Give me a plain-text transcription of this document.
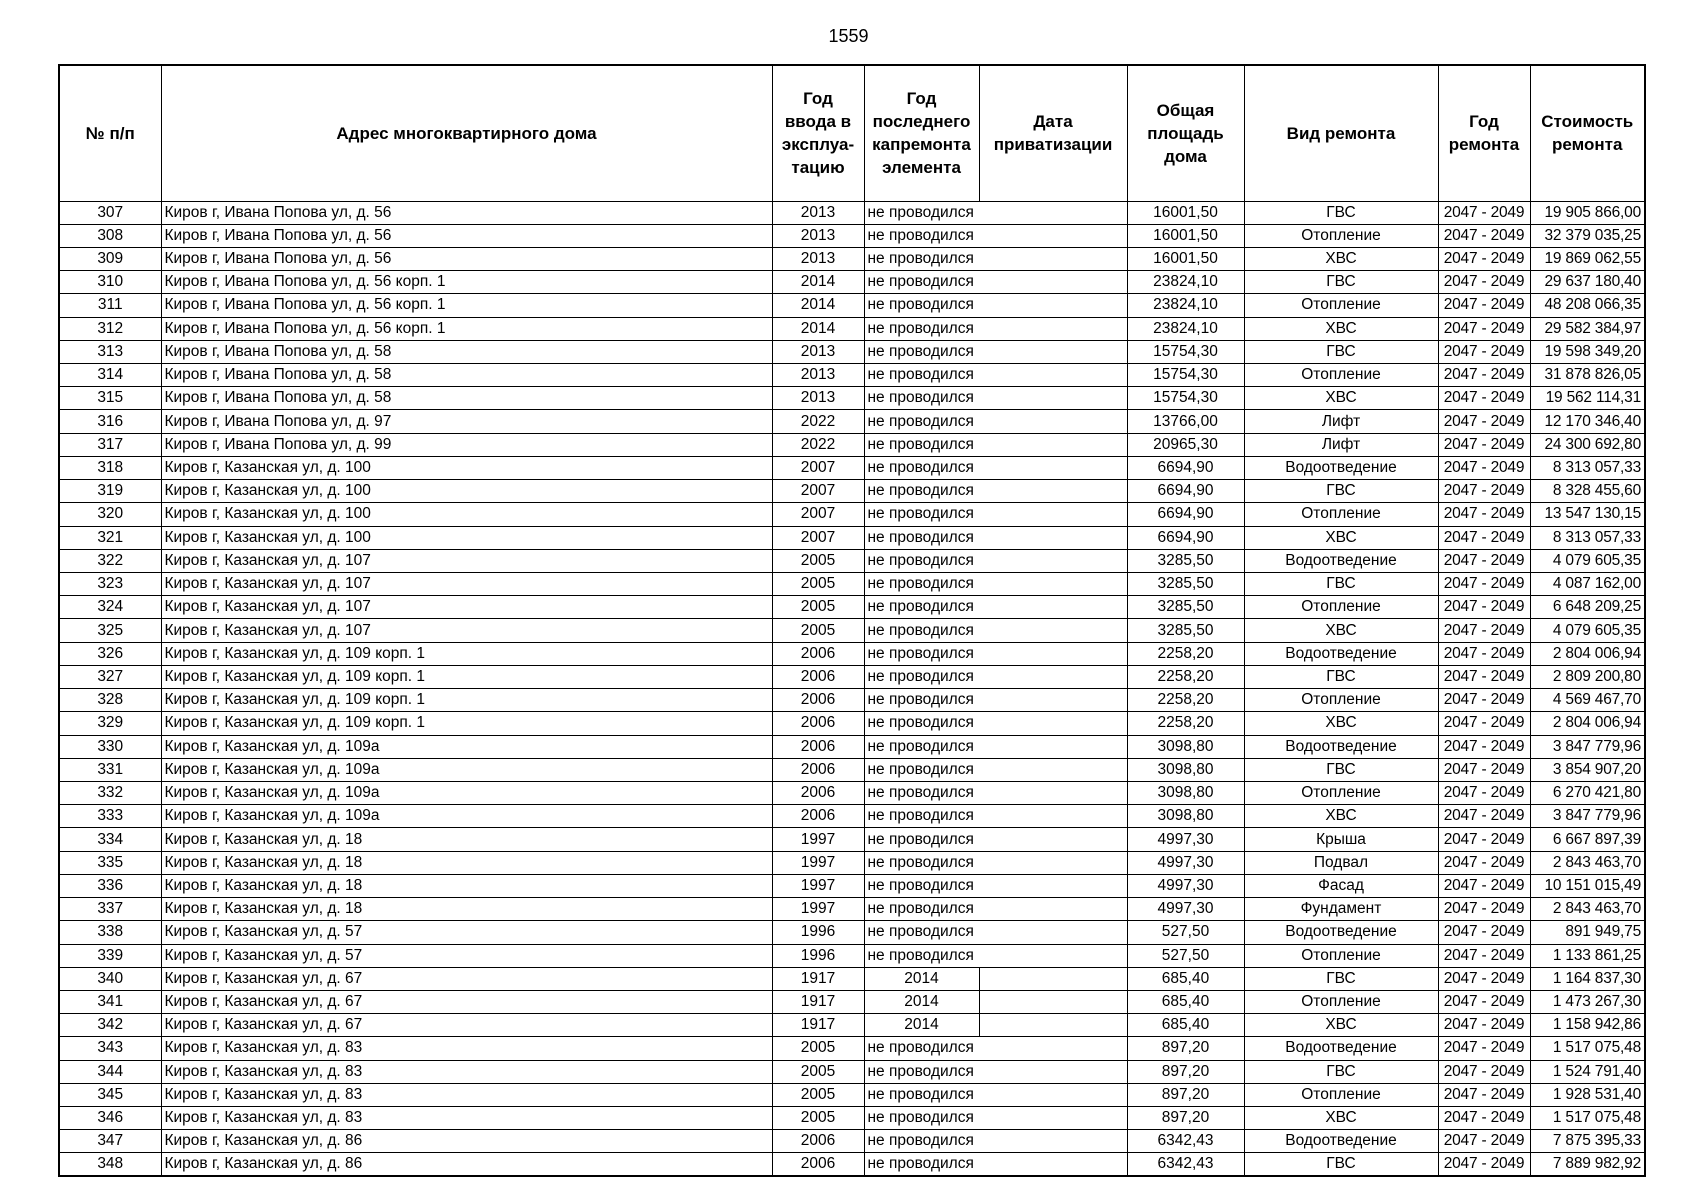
1559
№ п/п	Адрес многоквартирного дома	Год ввода в эксплуа-тацию	Год последнего капремонта элемента	Дата приватизации	Общая площадь дома	Вид ремонта	Год ремонта	Стоимость ремонта
307	Киров г, Ивана Попова ул, д. 56	2013	не проводился		16001,50	ГВС	2047 - 2049	19 905 866,00
308	Киров г, Ивана Попова ул, д. 56	2013	не проводился		16001,50	Отопление	2047 - 2049	32 379 035,25
309	Киров г, Ивана Попова ул, д. 56	2013	не проводился		16001,50	ХВС	2047 - 2049	19 869 062,55
310	Киров г, Ивана Попова ул, д. 56 корп. 1	2014	не проводился		23824,10	ГВС	2047 - 2049	29 637 180,40
311	Киров г, Ивана Попова ул, д. 56 корп. 1	2014	не проводился		23824,10	Отопление	2047 - 2049	48 208 066,35
312	Киров г, Ивана Попова ул, д. 56 корп. 1	2014	не проводился		23824,10	ХВС	2047 - 2049	29 582 384,97
313	Киров г, Ивана Попова ул, д. 58	2013	не проводился		15754,30	ГВС	2047 - 2049	19 598 349,20
314	Киров г, Ивана Попова ул, д. 58	2013	не проводился		15754,30	Отопление	2047 - 2049	31 878 826,05
315	Киров г, Ивана Попова ул, д. 58	2013	не проводился		15754,30	ХВС	2047 - 2049	19 562 114,31
316	Киров г, Ивана Попова ул, д. 97	2022	не проводился		13766,00	Лифт	2047 - 2049	12 170 346,40
317	Киров г, Ивана Попова ул, д. 99	2022	не проводился		20965,30	Лифт	2047 - 2049	24 300 692,80
318	Киров г, Казанская ул, д. 100	2007	не проводился		6694,90	Водоотведение	2047 - 2049	8 313 057,33
319	Киров г, Казанская ул, д. 100	2007	не проводился		6694,90	ГВС	2047 - 2049	8 328 455,60
320	Киров г, Казанская ул, д. 100	2007	не проводился		6694,90	Отопление	2047 - 2049	13 547 130,15
321	Киров г, Казанская ул, д. 100	2007	не проводился		6694,90	ХВС	2047 - 2049	8 313 057,33
322	Киров г, Казанская ул, д. 107	2005	не проводился		3285,50	Водоотведение	2047 - 2049	4 079 605,35
323	Киров г, Казанская ул, д. 107	2005	не проводился		3285,50	ГВС	2047 - 2049	4 087 162,00
324	Киров г, Казанская ул, д. 107	2005	не проводился		3285,50	Отопление	2047 - 2049	6 648 209,25
325	Киров г, Казанская ул, д. 107	2005	не проводился		3285,50	ХВС	2047 - 2049	4 079 605,35
326	Киров г, Казанская ул, д. 109 корп. 1	2006	не проводился		2258,20	Водоотведение	2047 - 2049	2 804 006,94
327	Киров г, Казанская ул, д. 109 корп. 1	2006	не проводился		2258,20	ГВС	2047 - 2049	2 809 200,80
328	Киров г, Казанская ул, д. 109 корп. 1	2006	не проводился		2258,20	Отопление	2047 - 2049	4 569 467,70
329	Киров г, Казанская ул, д. 109 корп. 1	2006	не проводился		2258,20	ХВС	2047 - 2049	2 804 006,94
330	Киров г, Казанская ул, д. 109а	2006	не проводился		3098,80	Водоотведение	2047 - 2049	3 847 779,96
331	Киров г, Казанская ул, д. 109а	2006	не проводился		3098,80	ГВС	2047 - 2049	3 854 907,20
332	Киров г, Казанская ул, д. 109а	2006	не проводился		3098,80	Отопление	2047 - 2049	6 270 421,80
333	Киров г, Казанская ул, д. 109а	2006	не проводился		3098,80	ХВС	2047 - 2049	3 847 779,96
334	Киров г, Казанская ул, д. 18	1997	не проводился		4997,30	Крыша	2047 - 2049	6 667 897,39
335	Киров г, Казанская ул, д. 18	1997	не проводился		4997,30	Подвал	2047 - 2049	2 843 463,70
336	Киров г, Казанская ул, д. 18	1997	не проводился		4997,30	Фасад	2047 - 2049	10 151 015,49
337	Киров г, Казанская ул, д. 18	1997	не проводился		4997,30	Фундамент	2047 - 2049	2 843 463,70
338	Киров г, Казанская ул, д. 57	1996	не проводился		527,50	Водоотведение	2047 - 2049	891 949,75
339	Киров г, Казанская ул, д. 57	1996	не проводился		527,50	Отопление	2047 - 2049	1 133 861,25
340	Киров г, Казанская ул, д. 67	1917	2014		685,40	ГВС	2047 - 2049	1 164 837,30
341	Киров г, Казанская ул, д. 67	1917	2014		685,40	Отопление	2047 - 2049	1 473 267,30
342	Киров г, Казанская ул, д. 67	1917	2014		685,40	ХВС	2047 - 2049	1 158 942,86
343	Киров г, Казанская ул, д. 83	2005	не проводился		897,20	Водоотведение	2047 - 2049	1 517 075,48
344	Киров г, Казанская ул, д. 83	2005	не проводился		897,20	ГВС	2047 - 2049	1 524 791,40
345	Киров г, Казанская ул, д. 83	2005	не проводился		897,20	Отопление	2047 - 2049	1 928 531,40
346	Киров г, Казанская ул, д. 83	2005	не проводился		897,20	ХВС	2047 - 2049	1 517 075,48
347	Киров г, Казанская ул, д. 86	2006	не проводился		6342,43	Водоотведение	2047 - 2049	7 875 395,33
348	Киров г, Казанская ул, д. 86	2006	не проводился		6342,43	ГВС	2047 - 2049	7 889 982,92
